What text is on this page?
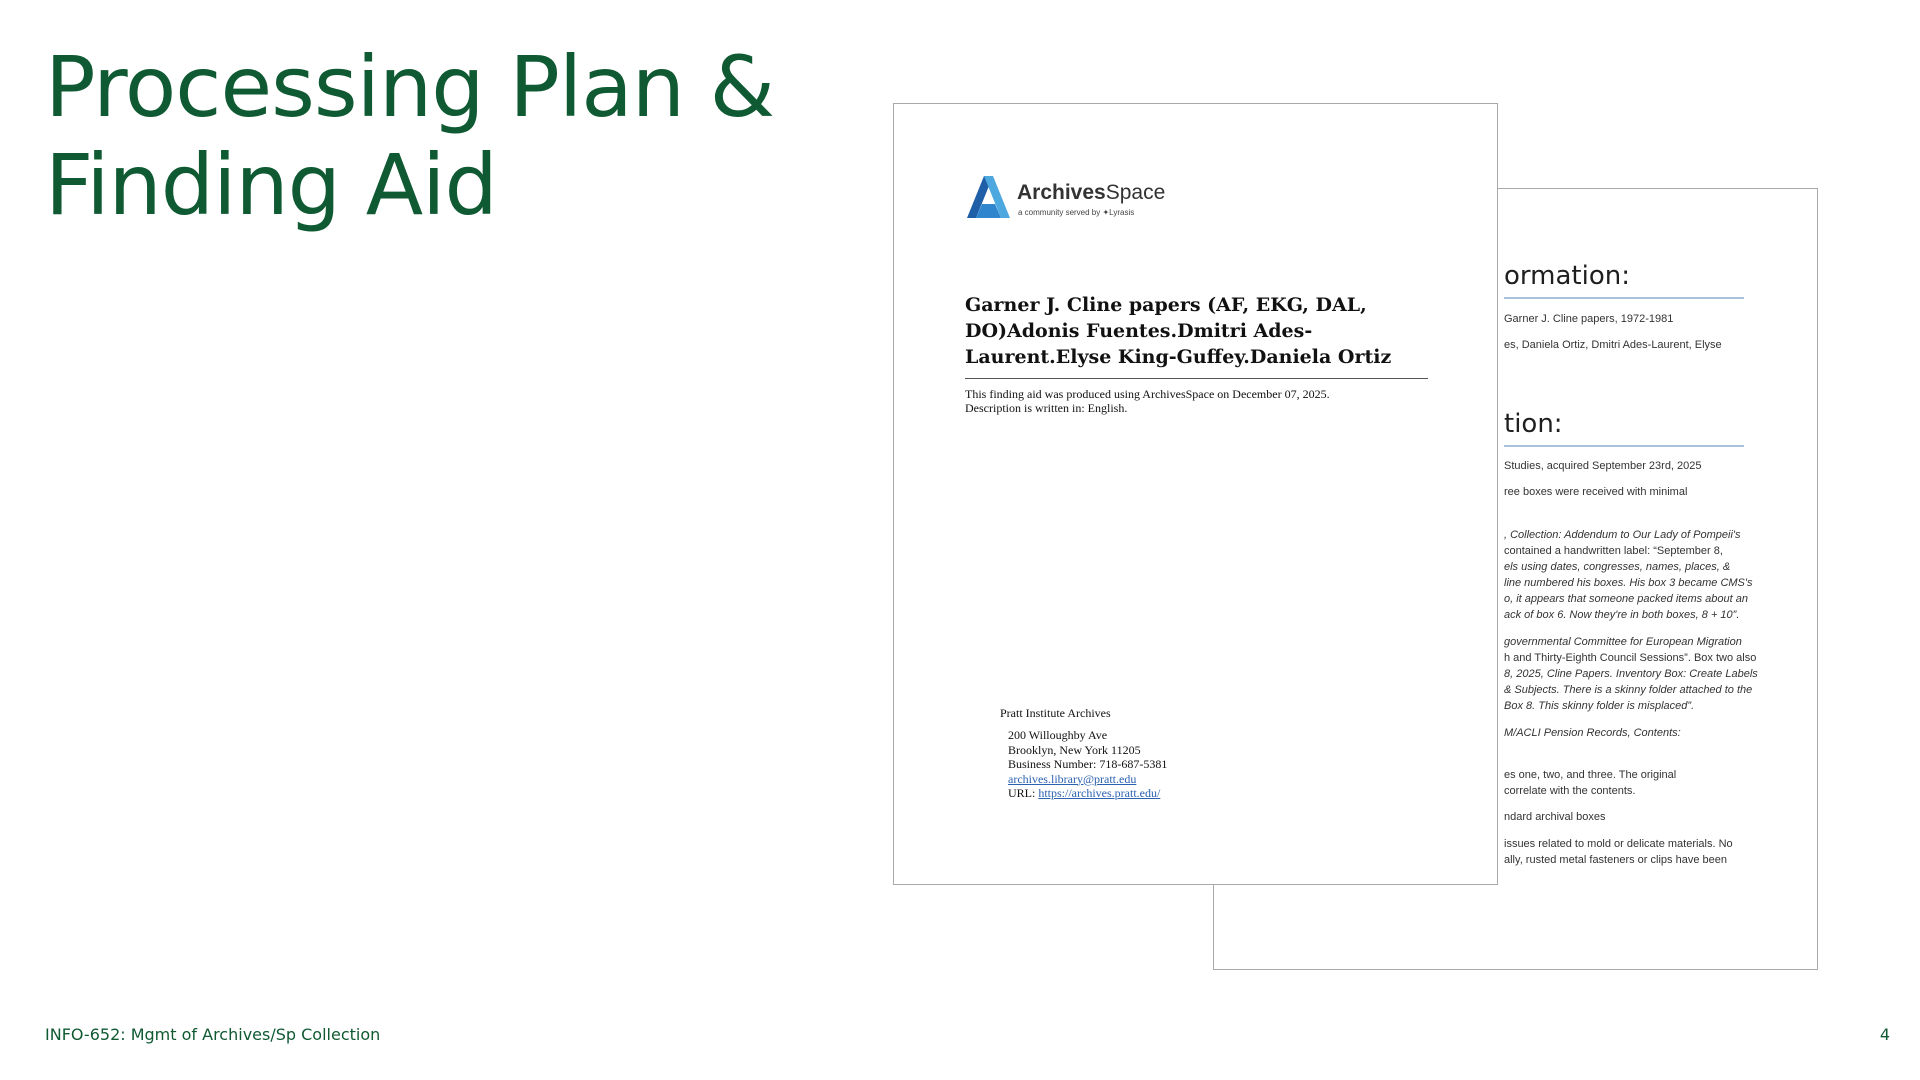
Processing Plan & Finding Aid
ormation:
Garner J. Cline papers, 1972-1981
es, Daniela Ortiz, Dmitri Ades-Laurent, Elyse
tion:
Studies, acquired September 23rd, 2025
ree boxes were received with minimal
, Collection: Addendum to Our Lady of Pompeii's
contained a handwritten label: “September 8,
els using dates, congresses, names, places, &
line numbered his boxes. His box 3 became CMS's
o, it appears that someone packed items about an
ack of box 6. Now they're in both boxes, 8 + 10”.
governmental Committee for European Migration
h and Thirty-Eighth Council Sessions”. Box two also
8, 2025, Cline Papers. Inventory Box: Create Labels
& Subjects. There is a skinny folder attached to the
Box 8. This skinny folder is misplaced”.
M/ACLI Pension Records, Contents:
es one, two, and three. The original
correlate with the contents.
ndard archival boxes
issues related to mold or delicate materials. No
ally, rusted metal fasteners or clips have been
ArchivesSpace
a community served by ✦Lyrasis
Garner J. Cline papers (AF, EKG, DAL, DO)Adonis Fuentes.Dmitri Ades-Laurent.Elyse King-Guffey.Daniela Ortiz
This finding aid was produced using ArchivesSpace on December 07, 2025.
Description is written in: English.
Pratt Institute Archives
200 Willoughby Ave
Brooklyn, New York 11205
Business Number: 718-687-5381
archives.library@pratt.edu
URL: https://archives.pratt.edu/
INFO-652: Mgmt of Archives/Sp Collection	4
